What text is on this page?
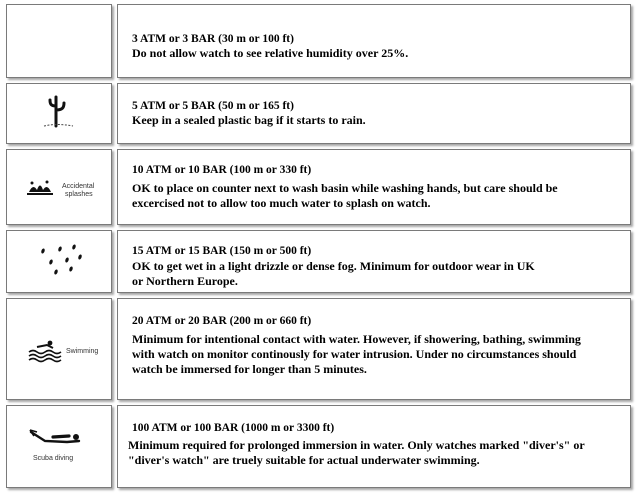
3 ATM or 3 BAR (30 m or 100 ft)
Do not allow watch to see relative humidity over 25%.
5 ATM or 5 BAR (50 m or 165 ft)
Keep in a sealed plastic bag if it starts to rain.
Accidental
splashes
10 ATM or 10 BAR (100 m or 330 ft)
OK to place on counter next to wash basin while washing hands, but care should be
excercised not to allow too much water to splash on watch.
15 ATM or 15 BAR (150 m or 500 ft)
OK to get wet in a light drizzle or dense fog. Minimum for outdoor wear in UK
or Northern Europe.
Swimming
20 ATM or 20 BAR (200 m or 660 ft)
Minimum for intentional contact with water. However, if showering, bathing, swimming
with watch on monitor continously for water intrusion. Under no circumstances should
watch be immersed for longer than 5 minutes.
Scuba diving
100 ATM or 100 BAR (1000 m or 3300 ft)
Minimum required for prolonged immersion in water. Only watches marked "diver's" or
"diver's watch" are truely suitable for actual underwater swimming.
